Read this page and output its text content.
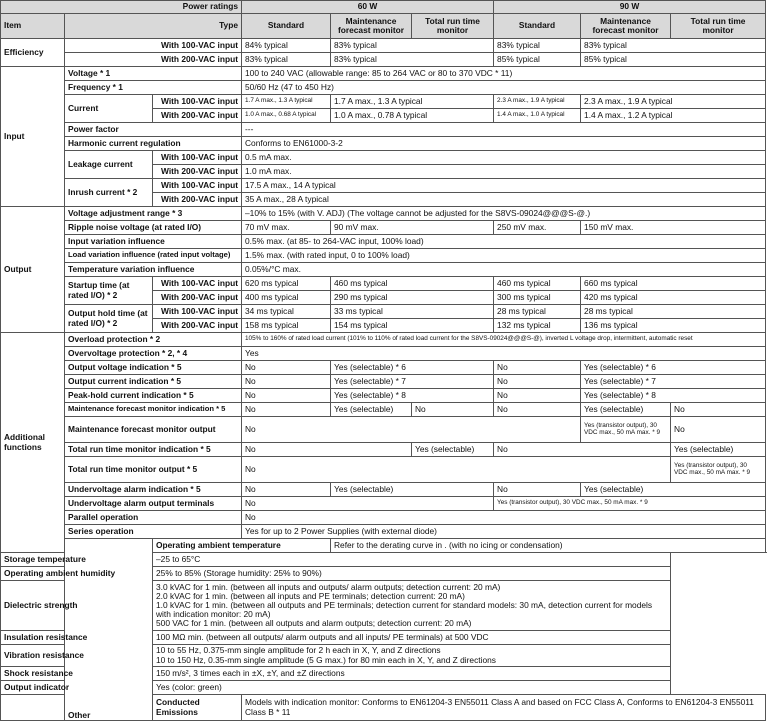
Power ratings			60 W			90 W		
Item	Type		Standard	Maintenance forecast monitor	Total run time monitor	Standard	Maintenance forecast monitor	Total run time monitor
Efficiency	With 100-VAC input		84% typical	83% typical		83% typical	83% typical	
	With 200-VAC input		83% typical	83% typical		85% typical	85% typical	
Input	Voltage * 1		100 to 240 VAC (allowable range: 85 to 264 VAC or 80 to 370 VDC * 11)					
	Frequency * 1		50/60 Hz (47 to 450 Hz)					
	Current	With 100-VAC input	1.7 A max., 1.3 A typical	1.7 A max., 1.3 A typical		2.3 A max., 1.9 A typical	2.3 A max., 1.9 A typical	
		With 200-VAC input	1.0 A max., 0.68 A typical	1.0 A max., 0.78 A typical		1.4 A max., 1.0 A typical	1.4 A max., 1.2 A typical	
	Power factor		---					
	Harmonic current regulation		Conforms to EN61000-3-2					
	Leakage current	With 100-VAC input	0.5 mA max.					
		With 200-VAC input	1.0 mA max.					
	Inrush current * 2	With 100-VAC input	17.5 A max., 14 A typical					
		With 200-VAC input	35 A max., 28 A typical					
Output	Voltage adjustment range * 3		–10% to 15% (with V. ADJ) (The voltage cannot be adjusted for the S8VS-09024@@@S-@.)					
	Ripple noise voltage (at rated I/O)		70 mV max.	90 mV max.		250 mV max.	150 mV max.	
	Input variation influence		0.5% max. (at 85- to 264-VAC input, 100% load)					
	Load variation influence (rated input voltage)		1.5% max. (with rated input, 0 to 100% load)					
	Temperature variation influence		0.05%/°C max.					
	Startup time (at rated I/O) * 2	With 100-VAC input	620 ms typical	460 ms typical		460 ms typical	660 ms typical	
		With 200-VAC input	400 ms typical	290 ms typical		300 ms typical	420 ms typical	
	Output hold time (at rated I/O) * 2	With 100-VAC input	34 ms typical	33 ms typical		28 ms typical	28 ms typical	
		With 200-VAC input	158 ms typical	154 ms typical		132 ms typical	136 ms typical	
Additional functions	Overload protection * 2		105% to 160% of rated load current (101% to 110% of rated load current for the S8VS-09024@@@S-@), inverted L voltage drop, intermittent, automatic reset					
	Overvoltage protection * 2, * 4		Yes					
	Output voltage indication * 5		No	Yes (selectable) * 6		No	Yes (selectable) * 6	
	Output current indication * 5		No	Yes (selectable) * 7		No	Yes (selectable) * 7	
	Peak-hold current indication * 5		No	Yes (selectable) * 8		No	Yes (selectable) * 8	
	Maintenance forecast monitor indication * 5		No	Yes (selectable)	No	No	Yes (selectable)	No
	Maintenance forecast monitor output		No				Yes (transistor output), 30 VDC max., 50 mA max. * 9	No
	Total run time monitor indication * 5		No		Yes (selectable)	No		Yes (selectable)
	Total run time monitor output * 5		No					Yes (transistor output), 30 VDC max., 50 mA max. * 9
	Undervoltage alarm indication * 5		No	Yes (selectable)		No	Yes (selectable)	
	Undervoltage alarm output terminals		No			Yes (transistor output), 30 VDC max., 50 mA max. * 9		
	Parallel operation		No					
	Series operation		Yes for up to 2 Power Supplies (with external diode)					
	Other	Operating ambient temperature		Refer to the derating curve in . (with no icing or condensation)				
Storage temperature		–25 to 65°C						
Operating ambient humidity		25% to 85% (Storage humidity: 25% to 90%)						
Dielectric strength		3.0 kVAC for 1 min. (between all inputs and outputs/ alarm outputs; detection current: 20 mA)
2.0 kVAC for 1 min. (between all inputs and PE terminals; detection current: 20 mA)
1.0 kVAC for 1 min. (between all outputs and PE terminals; detection current for standard models: 30 mA, detection current for models with indication monitor: 20 mA)
500 VAC for 1 min. (between all outputs and alarm outputs; detection current: 20 mA)						

Insulation resistance		100 MΩ min. (between all outputs/ alarm outputs and all inputs/ PE terminals) at 500 VDC						
Vibration resistance		10 to 55 Hz, 0.375-mm single amplitude for 2 h each in X, Y, and Z directions
10 to 150 Hz, 0.35-mm single amplitude (5 G max.) for 80 min each in X, Y, and Z directions						

Shock resistance		150 m/s², 3 times each in ±X, ±Y, and ±Z directions						
Output indicator		Yes (color: green)						
		Conducted Emissions	Models with indication monitor: Conforms to EN61204-3 EN55011 Class A and based on FCC Class A, Conforms to EN61204-3 EN55011 Class B * 11					
